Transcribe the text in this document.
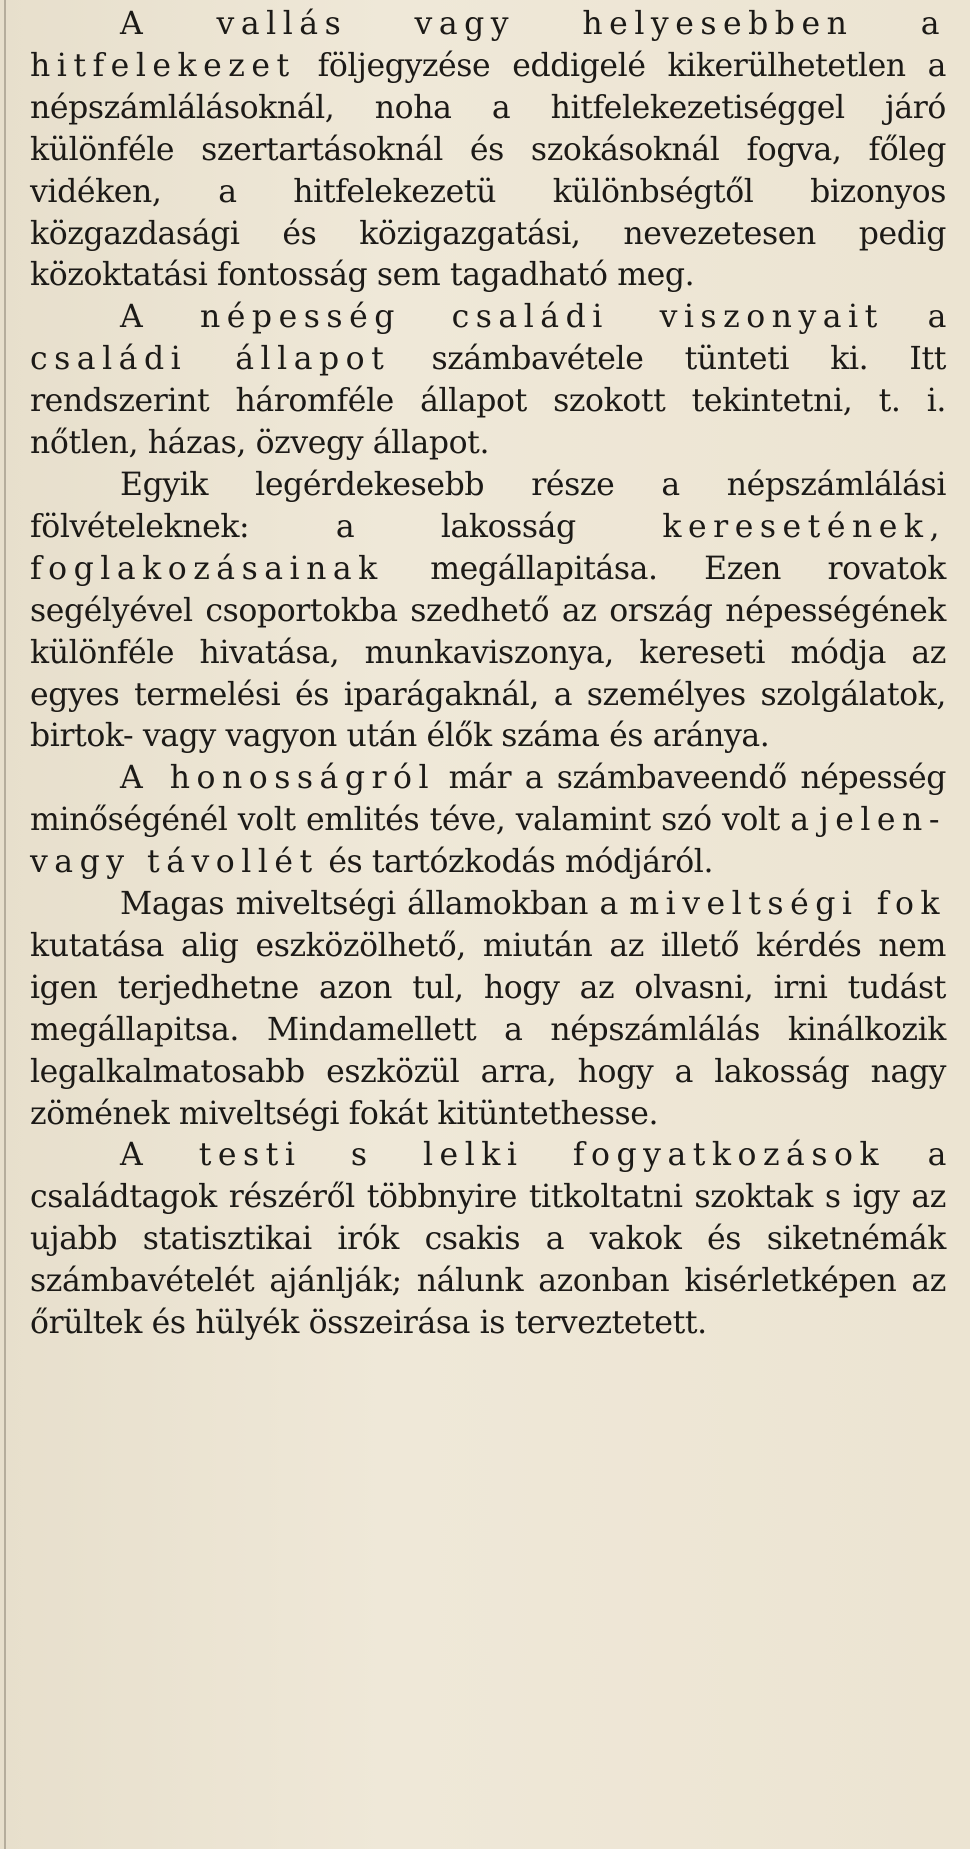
A vallás vagy helyesebben a hitfelekezet följegyzése eddigelé kikerülhetetlen a népszámlálásoknál, noha a hitfelekezetiséggel járó különféle szertartásoknál és szokásoknál fogva, főleg vidéken, a hitfelekezetü különbségtől bizonyos közgazdasági és közigazgatási, nevezetesen pedig közoktatási fontosság sem tagadható meg.

A népesség családi viszonyait a családi állapot számbavétele tünteti ki. Itt rendszerint háromféle állapot szokott tekintetni, t. i. nőtlen, házas, özvegy állapot.

Egyik legérdekesebb része a népszámlálási fölvételeknek: a lakosság keresetének, foglakozásainak megállapitása. Ezen rovatok segélyével csoportokba szedhető az ország népességének különféle hivatása, munkaviszonya, kereseti módja az egyes termelési és iparágaknál, a személyes szolgálatok, birtok- vagy vagyon után élők száma és aránya.

A honosságról már a számbaveendő népesség minőségénél volt emlités téve, valamint szó volt a jelen- vagy távollét és tartózkodás módjáról.

Magas miveltségi államokban a miveltségi fok kutatása alig eszközölhető, miután az illető kérdés nem igen terjedhetne azon tul, hogy az olvasni, irni tudást megállapitsa. Mindamellett a népszámlálás kinálkozik legalkalmatosabb eszközül arra, hogy a lakosság nagy zömének miveltségi fokát kitüntethesse.

A testi s lelki fogyatkozások a családtagok részéről többnyire titkoltatni szoktak s igy az ujabb statisztikai irók csakis a vakok és siketnémák számbavételét ajánlják; nálunk azonban kisérletképen az őrültek és hülyék összeirása is terveztetett.
